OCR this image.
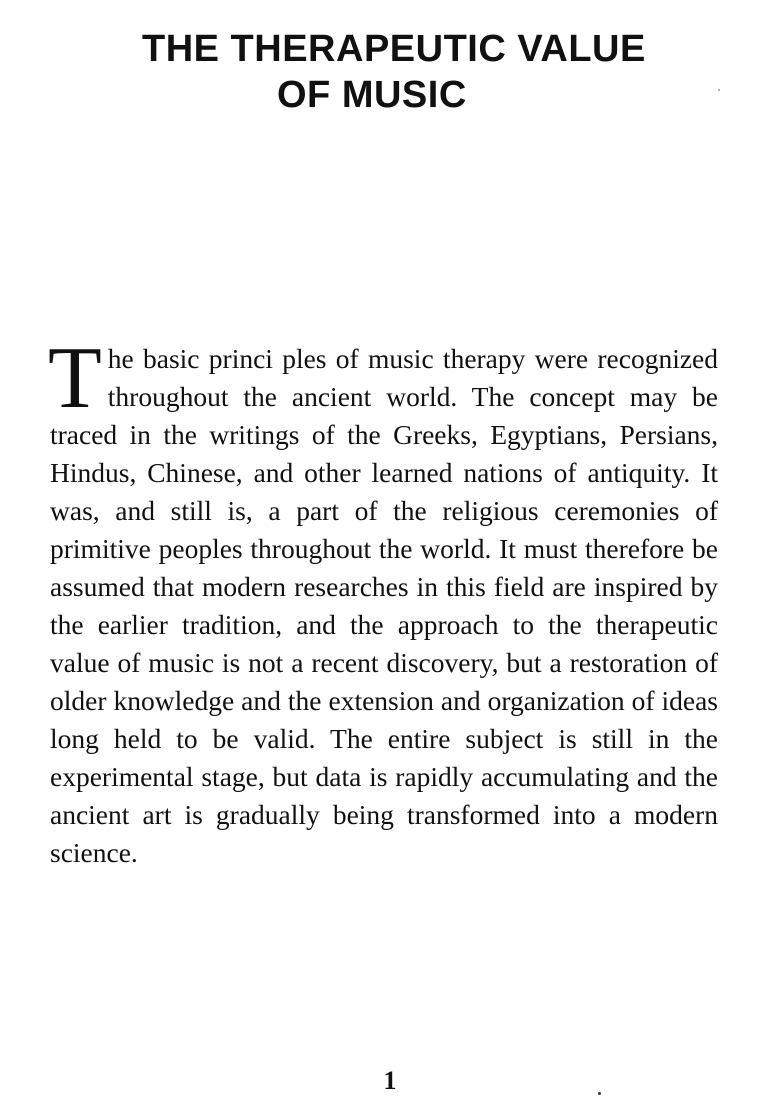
THE THERAPEUTIC VALUE
OF MUSIC

The basic princi ples of music therapy were recognized throughout the ancient world. The concept may be traced in the writings of the Greeks, Egyptians, Persians, Hindus, Chinese, and other learned nations of antiquity. It was, and still is, a part of the religious ceremonies of primitive peoples throughout the world. It must therefore be assumed that modern researches in this field are inspired by the earlier tradition, and the approach to the therapeutic value of music is not a recent discovery, but a restoration of older knowledge and the extension and organization of ideas long held to be valid. The entire subject is still in the experimental stage, but data is rapidly accumulating and the ancient art is gradually being transformed into a modern science.

1
